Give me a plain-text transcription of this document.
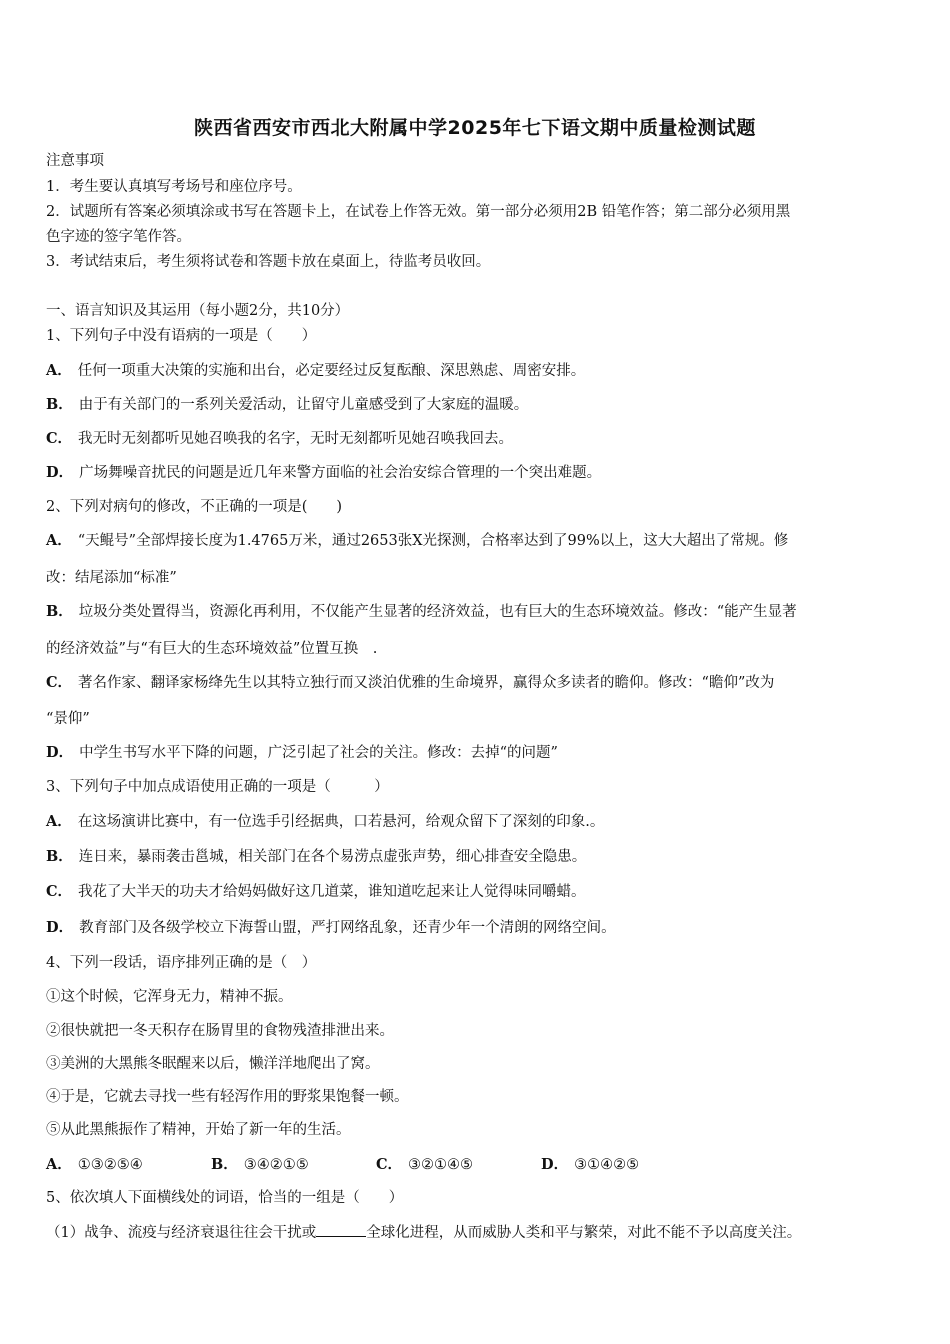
陕西省西安市西北大附属中学2025年七下语文期中质量检测试题
注意事项
1．考生要认真填写考场号和座位序号。
2．试题所有答案必须填涂或书写在答题卡上，在试卷上作答无效。第一部分必须用2B 铅笔作答；第二部分必须用黑
色字迹的签字笔作答。
3．考试结束后，考生须将试卷和答题卡放在桌面上，待监考员收回。
一、语言知识及其运用（每小题2分，共10分）
1、下列句子中没有语病的一项是（　　）
A． 任何一项重大决策的实施和出台，必定要经过反复酝酿、深思熟虑、周密安排。
B． 由于有关部门的一系列关爱活动，让留守儿童感受到了大家庭的温暖。
C． 我无时无刻都听见她召唤我的名字，无时无刻都听见她召唤我回去。
D． 广场舞噪音扰民的问题是近几年来警方面临的社会治安综合管理的一个突出难题。
2、下列对病句的修改，不正确的一项是(　　)
A． “天鲲号”全部焊接长度为1.4765万米，通过2653张X光探测，合格率达到了99%以上，这大大超出了常规。修
改：结尾添加“标准”
B． 垃圾分类处置得当，资源化再利用，不仅能产生显著的经济效益，也有巨大的生态环境效益。修改：“能产生显著
的经济效益”与“有巨大的生态环境效益”位置互换　.
C． 著名作家、翻译家杨绛先生以其特立独行而又淡泊优雅的生命境界，赢得众多读者的瞻仰。修改：“瞻仰”改为
“景仰”
D． 中学生书写水平下降的问题，广泛引起了社会的关注。修改：去掉“的问题”
3、下列句子中加点成语使用正确的一项是（　　　）
A． 在这场演讲比赛中，有一位选手引经据典，口若悬河，给观众留下了深刻的印象.。
B． 连日来，暴雨袭击邕城，相关部门在各个易涝点虚张声势，细心排查安全隐患。
C． 我花了大半天的功夫才给妈妈做好这几道菜，谁知道吃起来让人觉得味同嚼蜡。
D． 教育部门及各级学校立下海誓山盟，严打网络乱象，还青少年一个清朗的网络空间。
4、下列一段话，语序排列正确的是（　）
①这个时候，它浑身无力，精神不振。
②很快就把一冬天积存在肠胃里的食物残渣排泄出来。
③美洲的大黑熊冬眠醒来以后，懒洋洋地爬出了窝。
④于是，它就去寻找一些有轻泻作用的野浆果饱餐一顿。
⑤从此黑熊振作了精神，开始了新一年的生活。
A． ①③②⑤④	B． ③④②①⑤	C． ③②①④⑤	D． ③①④②⑤
5、依次填人下面横线处的词语，恰当的一组是（　　）
（1）战争、流疫与经济衰退往往会干扰或	全球化进程，从而威胁人类和平与繁荣，对此不能不予以高度关注。
